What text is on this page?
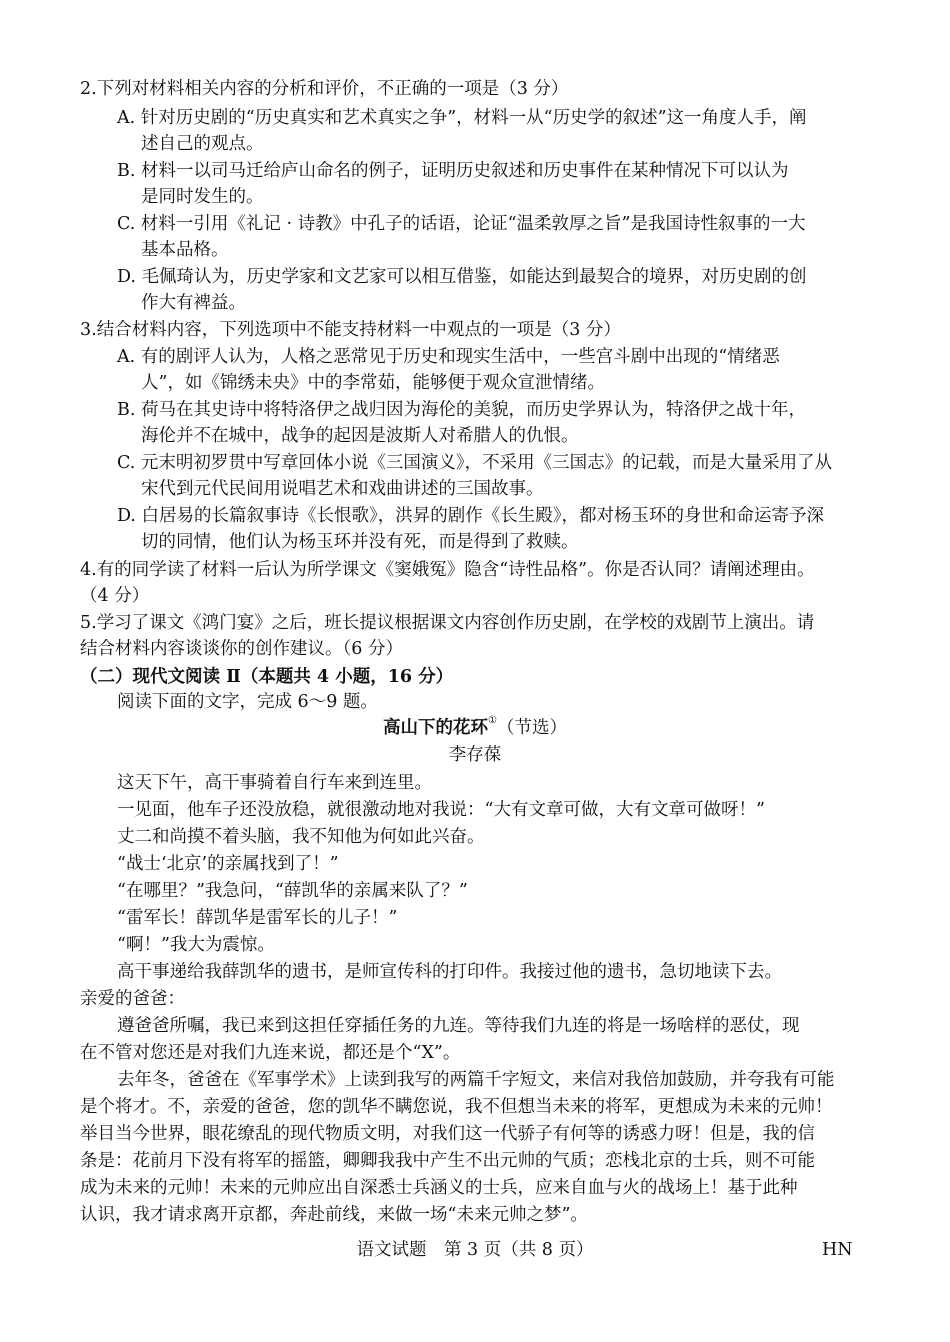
2.下列对材料相关内容的分析和评价，不正确的一项是（3 分）
A. 针对历史剧的“历史真实和艺术真实之争”，材料一从“历史学的叙述”这一角度人手，阐
述自己的观点。
B. 材料一以司马迁给庐山命名的例子，证明历史叙述和历史事件在某种情况下可以认为
是同时发生的。
C. 材料一引用《礼记 · 诗教》中孔子的话语，论证“温柔敦厚之旨”是我国诗性叙事的一大
基本品格。
D. 毛佩琦认为，历史学家和文艺家可以相互借鉴，如能达到最契合的境界，对历史剧的创
作大有裨益。
3.结合材料内容，下列选项中不能支持材料一中观点的一项是（3 分）
A. 有的剧评人认为，人格之恶常见于历史和现实生活中，一些宫斗剧中出现的“情绪恶
人”，如《锦绣未央》中的李常茹，能够便于观众宣泄情绪。
B. 荷马在其史诗中将特洛伊之战归因为海伦的美貌，而历史学界认为，特洛伊之战十年，
海伦并不在城中，战争的起因是波斯人对希腊人的仇恨。
C. 元末明初罗贯中写章回体小说《三国演义》，不采用《三国志》的记载，而是大量采用了从
宋代到元代民间用说唱艺术和戏曲讲述的三国故事。
D. 白居易的长篇叙事诗《长恨歌》，洪昇的剧作《长生殿》，都对杨玉环的身世和命运寄予深
切的同情，他们认为杨玉环并没有死，而是得到了救赎。
4.有的同学读了材料一后认为所学课文《窦娥冤》隐含“诗性品格”。你是否认同？请阐述理由。
（4 分）
5.学习了课文《鸿门宴》之后，班长提议根据课文内容创作历史剧，在学校的戏剧节上演出。请
结合材料内容谈谈你的创作建议。（6 分）
（二）现代文阅读 Ⅱ（本题共 4 小题，16 分）
阅读下面的文字，完成 6～9 题。
高山下的花环①（节选）
李存葆
这天下午，高干事骑着自行车来到连里。
一见面，他车子还没放稳，就很激动地对我说：“大有文章可做，大有文章可做呀！”
丈二和尚摸不着头脑，我不知他为何如此兴奋。
“战士‘北京’的亲属找到了！”
“在哪里？”我急问，“薛凯华的亲属来队了？”
“雷军长！薛凯华是雷军长的儿子！”
“啊！”我大为震惊。
高干事递给我薛凯华的遗书，是师宣传科的打印件。我接过他的遗书，急切地读下去。
亲爱的爸爸：
遵爸爸所嘱，我已来到这担任穿插任务的九连。等待我们九连的将是一场啥样的恶仗，现
在不管对您还是对我们九连来说，都还是个“X”。
去年冬，爸爸在《军事学术》上读到我写的两篇千字短文，来信对我倍加鼓励，并夸我有可能
是个将才。不，亲爱的爸爸，您的凯华不瞒您说，我不但想当未来的将军，更想成为未来的元帅！
举目当今世界，眼花缭乱的现代物质文明，对我们这一代骄子有何等的诱惑力呀！但是，我的信
条是：花前月下没有将军的摇篮，卿卿我我中产生不出元帅的气质；恋栈北京的士兵，则不可能
成为未来的元帅！未来的元帅应出自深悉士兵涵义的士兵，应来自血与火的战场上！基于此种
认识，我才请求离开京都，奔赴前线，来做一场“未来元帅之梦”。
语文试题　第 3 页（共 8 页）	HN
